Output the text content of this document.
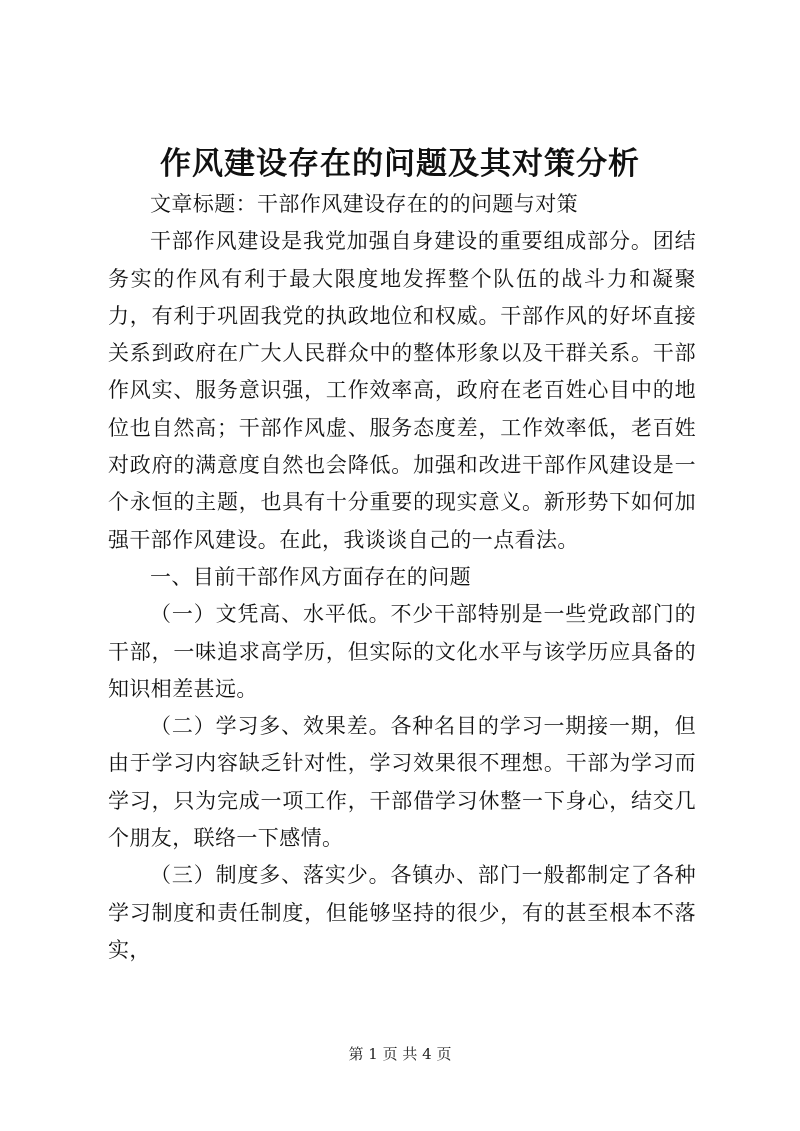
作风建设存在的问题及其对策分析

文章标题：干部作风建设存在的的问题与对策

干部作风建设是我党加强自身建设的重要组成部分。团结务实的作风有利于最大限度地发挥整个队伍的战斗力和凝聚力，有利于巩固我党的执政地位和权威。干部作风的好坏直接关系到政府在广大人民群众中的整体形象以及干群关系。干部作风实、服务意识强，工作效率高，政府在老百姓心目中的地位也自然高；干部作风虚、服务态度差，工作效率低，老百姓对政府的满意度自然也会降低。加强和改进干部作风建设是一个永恒的主题，也具有十分重要的现实意义。新形势下如何加强干部作风建设。在此，我谈谈自己的一点看法。

一、目前干部作风方面存在的问题

（一）文凭高、水平低。不少干部特别是一些党政部门的干部，一味追求高学历，但实际的文化水平与该学历应具备的知识相差甚远。

（二）学习多、效果差。各种名目的学习一期接一期，但由于学习内容缺乏针对性，学习效果很不理想。干部为学习而学习，只为完成一项工作，干部借学习休整一下身心，结交几个朋友，联络一下感情。

（三）制度多、落实少。各镇办、部门一般都制定了各种学习制度和责任制度，但能够坚持的很少，有的甚至根本不落实，

第 1 页 共 4 页
